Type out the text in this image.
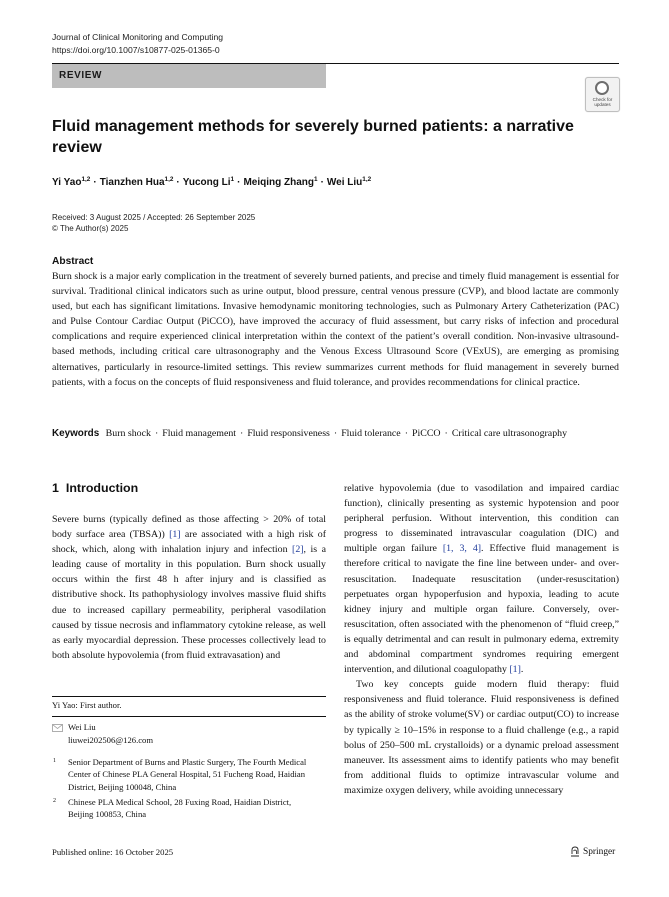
Journal of Clinical Monitoring and Computing
https://doi.org/10.1007/s10877-025-01365-0
REVIEW
Check for
updates
Fluid management methods for severely burned patients: a narrative review
Yi Yao$^{1,2}$ · Tianzhen Hua$^{1,2}$ · Yucong $Li^1$ · Meiqing Zhang$^1$ · Wei Liu$^{1,2}$
Received: 3 August 2025 / Accepted: 26 September 2025
© The Author(s) 2025
Abstract
Burn shock is a major early complication in the treatment of severely burned patients, and precise and timely fluid management is essential for survival. Traditional clinical indicators such as urine output, blood pressure, central venous pressure (CVP), and blood lactate are commonly used, but each has significant limitations. Invasive hemodynamic monitoring technologies, such as Pulmonary Artery Catheterization (PAC) and Pulse Contour Cardiac Output (PiCCO), have improved the accuracy of fluid assessment, but carry risks of infection and procedural complications and require experienced clinical interpretation within the context of the patient’s overall condition. Non-invasive ultrasound-based methods, including critical care ultrasonography and the Venous Excess Ultrasound Score (VExUS), are emerging as promising alternatives, particularly in resource-limited settings. This review summarizes current methods for fluid management in severely burned patients, with a focus on the concepts of fluid responsiveness and fluid tolerance, and provides recommendations for clinical practice.
Keywords Burn shock · Fluid management · Fluid responsiveness · Fluid tolerance · PiCCO · Critical care ultrasonography
1 Introduction

Severe burns (typically defined as those affecting > 20% of total body surface area (TBSA)) [1] are associated with a high risk of shock, which, along with inhalation injury and infection [2], is a leading cause of mortality in this population. Burn shock usually occurs within the first 48 h after injury and is classified as distributive shock. Its pathophysiology involves massive fluid shifts due to increased capillary permeability, peripheral vasodilation caused by tissue necrosis and inflammatory cytokine release, as well as early myocardial depression. These processes collectively lead to both absolute hypovolemia (from fluid extravasation) and

relative hypovolemia (due to vasodilation and impaired cardiac function), clinically presenting as systemic hypotension and poor peripheral perfusion. Without intervention, this condition can progress to disseminated intravascular coagulation (DIC) and multiple organ failure [1, 3, 4]. Effective fluid management is therefore critical to navigate the fine line between under- and over-resuscitation. Inadequate resuscitation (under-resuscitation) perpetuates organ hypoperfusion and hypoxia, leading to acute kidney injury and multiple organ failure. Conversely, over-resuscitation, often associated with the phenomenon of “fluid creep,” is equally detrimental and can result in pulmonary edema, extremity and abdominal compartment syndromes requiring emergent intervention, and dilutional coagulopathy [1].

Two key concepts guide modern fluid therapy: fluid responsiveness and fluid tolerance. Fluid responsiveness is defined as the ability of stroke volume(SV) or cardiac output(CO) to increase by typically ≥ 10–15% in response to a fluid challenge (e.g., a rapid bolus of 250–500 mL crystalloids) or a dynamic preload assessment maneuver. Its assessment aims to identify patients who may benefit from additional fluids to optimize intravascular volume and maximize oxygen delivery, while avoiding unnecessary

Yi Yao: First author.
Wei Liu
liuwei202506@126.com
1 Senior Department of Burns and Plastic Surgery, The Fourth Medical Center of Chinese PLA General Hospital, 51 Fucheng Road, Haidian District, Beijing 100048, China
2 Chinese PLA Medical School, 28 Fuxing Road, Haidian District, Beijing 100853, China
Published online: 16 October 2025	Springer
